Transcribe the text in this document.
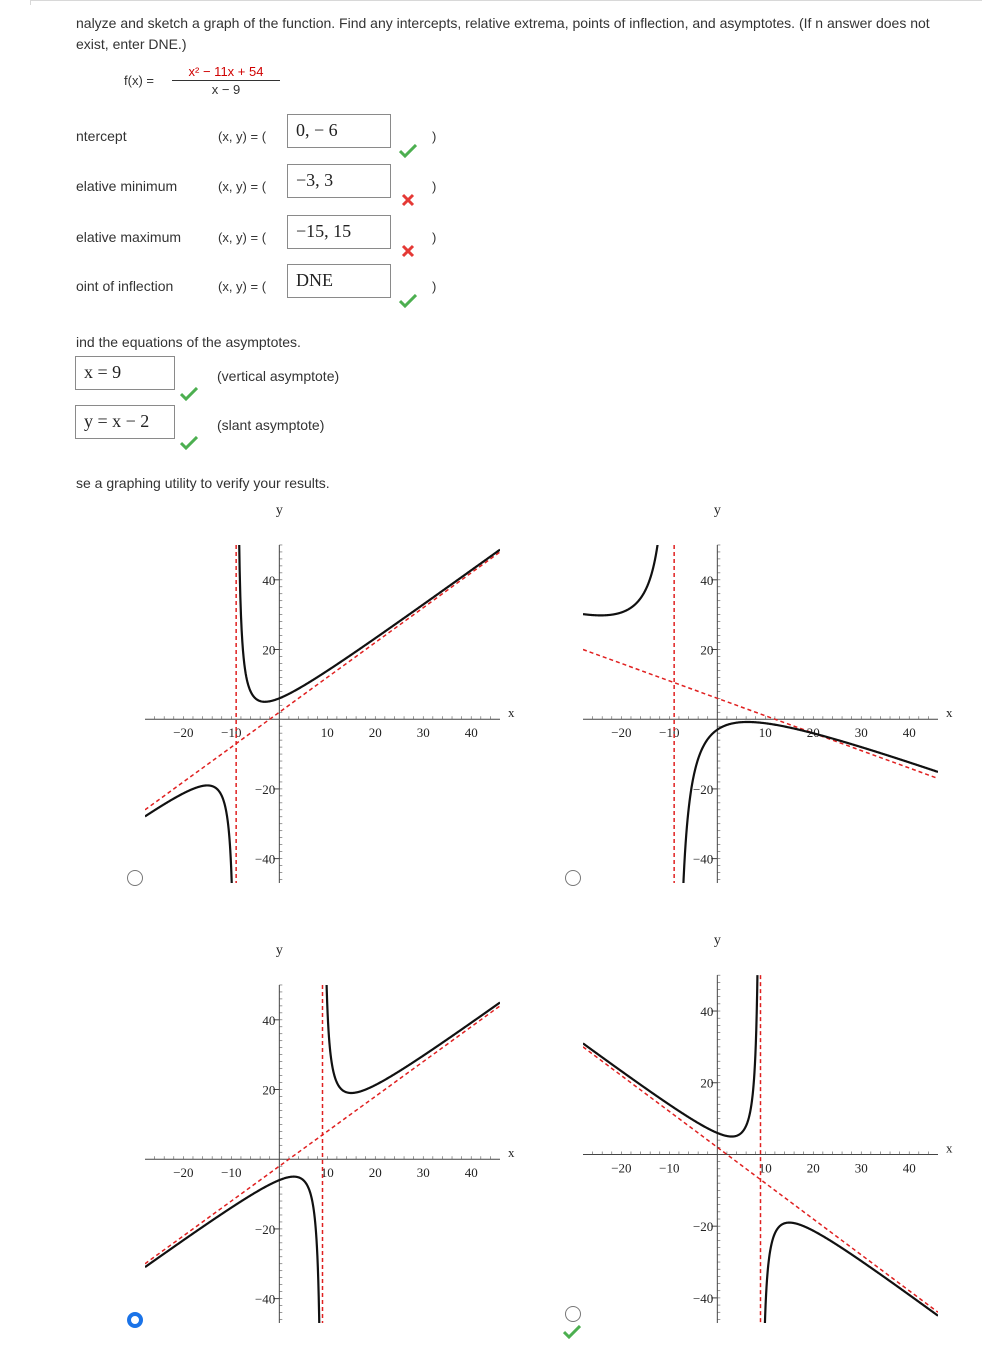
nalyze and sketch a graph of the function. Find any intercepts, relative extrema, points of inflection, and asymptotes. (If n answer does not exist, enter DNE.)
$f(x) = \frac{\text{x² − 11x + 54}}{x - 9}$
ntercept	(x, y) = (	0, − 6	)
elative minimum	(x, y) = (	−3, 3	)
elative maximum	(x, y) = (	−15, 15	)
oint of inflection	(x, y) = (	DNE	)
ind the equations of the asymptotes.
x = 9	(vertical asymptote)
y = x − 2	(slant asymptote)
se a graphing utility to verify your results.
−20 −10	10	20	30	40
40
20
−20
−40
x
y
−20 −10	10	20	30	40
40
20
−20
−40
x
y
−20 −10	10	20	30	40
40
20
−20
−40
x
y
−20 −10	10	20	30	40
40
20
−20
−40
x
y
